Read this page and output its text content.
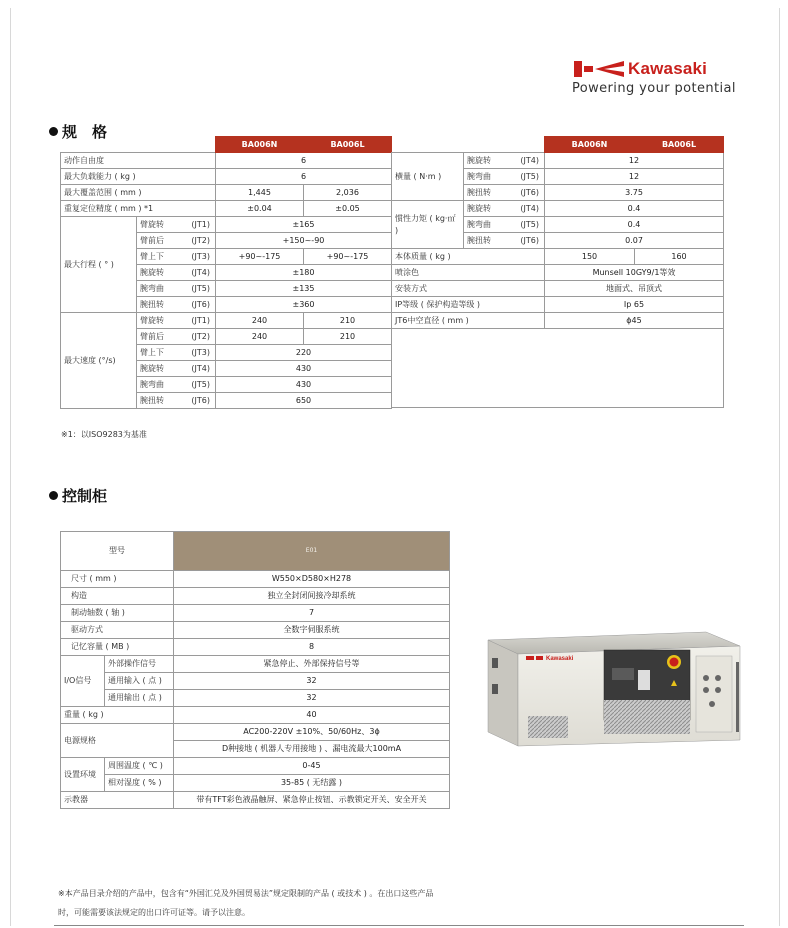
Kawasaki
Powering your potential
规　格
		BA006N	BA006L
动作自由度		6	
最大负载能力 ( kg )		6	
最大覆盖范围 ( mm )		1,445	2,036
重复定位精度 ( mm ) *1		±0.04	±0.05
最大行程 ( ° )	臂旋转 (JT1)	±165	
	臂前后 (JT2)	+150~-90	
	臂上下 (JT3)	+90~-175	+90~-175
	腕旋转 (JT4)	±180	
	腕弯曲 (JT5)	±135	
	腕扭转 (JT6)	±360	
最大速度 (°/s)	臂旋转 (JT1)	240	210
	臂前后 (JT2)	240	210
	臂上下 (JT3)	220	
	腕旋转 (JT4)	430	
	腕弯曲 (JT5)	430	
	腕扭转 (JT6)	650	
		BA006N	BA006L
横量 ( N·m )	腕旋转 (JT4)	12	
	腕弯曲 (JT5)	12	
	腕扭转 (JT6)	3.75	
惯性力矩 ( kg·㎡ )	腕旋转 (JT4)	0.4	
	腕弯曲 (JT5)	0.4	
	腕扭转 (JT6)	0.07	
本体质量 ( kg )		150	160
喷涂色		Munsell 10GY9/1等效	
安装方式		地面式、吊顶式	
IP等级 ( 保护构造等级 )		Ip 65	
JT6中空直径 ( mm )		ϕ45	

※1：以ISO9283为基准
控制柜
型号		E01
尺寸 ( mm )		W550×D580×H278
构造		独立全封闭间接冷却系统
制动轴数 ( 轴 )		7
驱动方式		全数字伺服系统
记忆容量 ( MB )		8
I/O信号	外部操作信号	紧急停止、外部保持信号等
	通用输入 ( 点 )	32
	通用输出 ( 点 )	32
重量 ( kg )		40
电源规格		AC200-220V ±10%、50/60Hz、3ϕ
		D种接地 ( 机器人专用接地 ) 、漏电流最大100mA
设置环境	周围温度 ( ℃ )	0-45
	相对湿度 ( % )	35-85 ( 无结露 )
示教器		带有TFT彩色液晶触屏、紧急停止按钮、示教锁定开关、安全开关
Kawasaki
※本产品目录介绍的产品中，包含有“外国汇兑及外国贸易法”规定限制的产品 ( 或技术 ) 。在出口这些产品
时，可能需要该法规定的出口许可证等。请予以注意。
